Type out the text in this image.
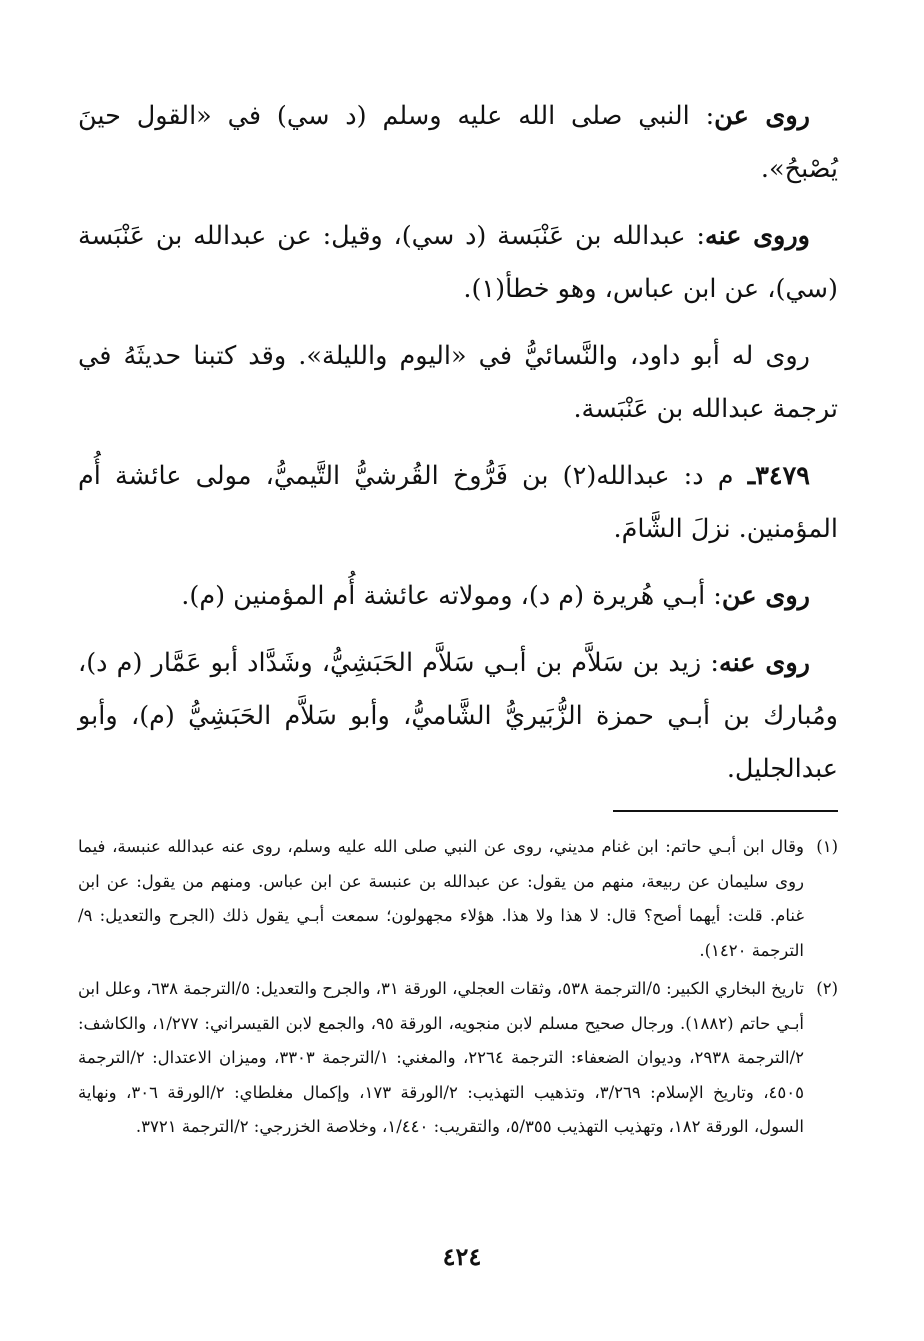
روى عن: النبي صلى الله عليه وسلم (د سي) في «القول حينَ يُصْبحُ».

وروى عنه: عبدالله بن عَنْبَسة (د سي)، وقيل: عن عبدالله بن عَنْبَسة (سي)، عن ابن عباس، وهو خطأ(١).

روى له أبو داود، والنَّسائيُّ في «اليوم والليلة». وقد كتبنا حديثَهُ في ترجمة عبدالله بن عَنْبَسة.

٣٤٧٩ـ م د: عبدالله(٢) بن فَرُّوخ القُرشيُّ التَّيميُّ، مولى عائشة أُم المؤمنين. نزلَ الشَّامَ.

روى عن: أبـي هُريرة (م د)، ومولاته عائشة أُم المؤمنين (م).

روى عنه: زيد بن سَلاَّم بن أبـي سَلاَّم الحَبَشِيُّ، وشَدَّاد أبو عَمَّار (م د)، ومُبارك بن أبـي حمزة الزُّبَيريُّ الشَّاميُّ، وأبو سَلاَّم الحَبَشِيُّ (م)، وأبو عبدالجليل.

(١)
وقال ابن أبـي حاتم: ابن غنام مديني، روى عن النبي صلى الله عليه وسلم، روى عنه عبدالله عنبسة، فيما روى سليمان عن ربيعة، منهم من يقول: عن عبدالله بن عنبسة عن ابن عباس. ومنهم من يقول: عن ابن غنام. قلت: أيهما أصح؟ قال: لا هذا ولا هذا. هؤلاء مجهولون؛ سمعت أبـي يقول ذلك (الجرح والتعديل: ٩/الترجمة ١٤٢٠).
(٢)
تاريخ البخاري الكبير: ٥/الترجمة ٥٣٨، وثقات العجلي، الورقة ٣١، والجرح والتعديل: ٥/الترجمة ٦٣٨، وعلل ابن أبـي حاتم (١٨٨٢). ورجال صحيح مسلم لابن منجويه، الورقة ٩٥، والجمع لابن القيسراني: ١/٢٧٧، والكاشف: ٢/الترجمة ٢٩٣٨، وديوان الضعفاء: الترجمة ٢٢٦٤، والمغني: ١/الترجمة ٣٣٠٣، وميزان الاعتدال: ٢/الترجمة ٤٥٠٥، وتاريخ الإسلام: ٣/٢٦٩، وتذهيب التهذيب: ٢/الورقة ١٧٣، وإكمال مغلطاي: ٢/الورقة ٣٠٦، ونهاية السول، الورقة ١٨٢، وتهذيب التهذيب ٥/٣٥٥، والتقريب: ١/٤٤٠، وخلاصة الخزرجي: ٢/الترجمة ٣٧٢١.
٤٢٤
